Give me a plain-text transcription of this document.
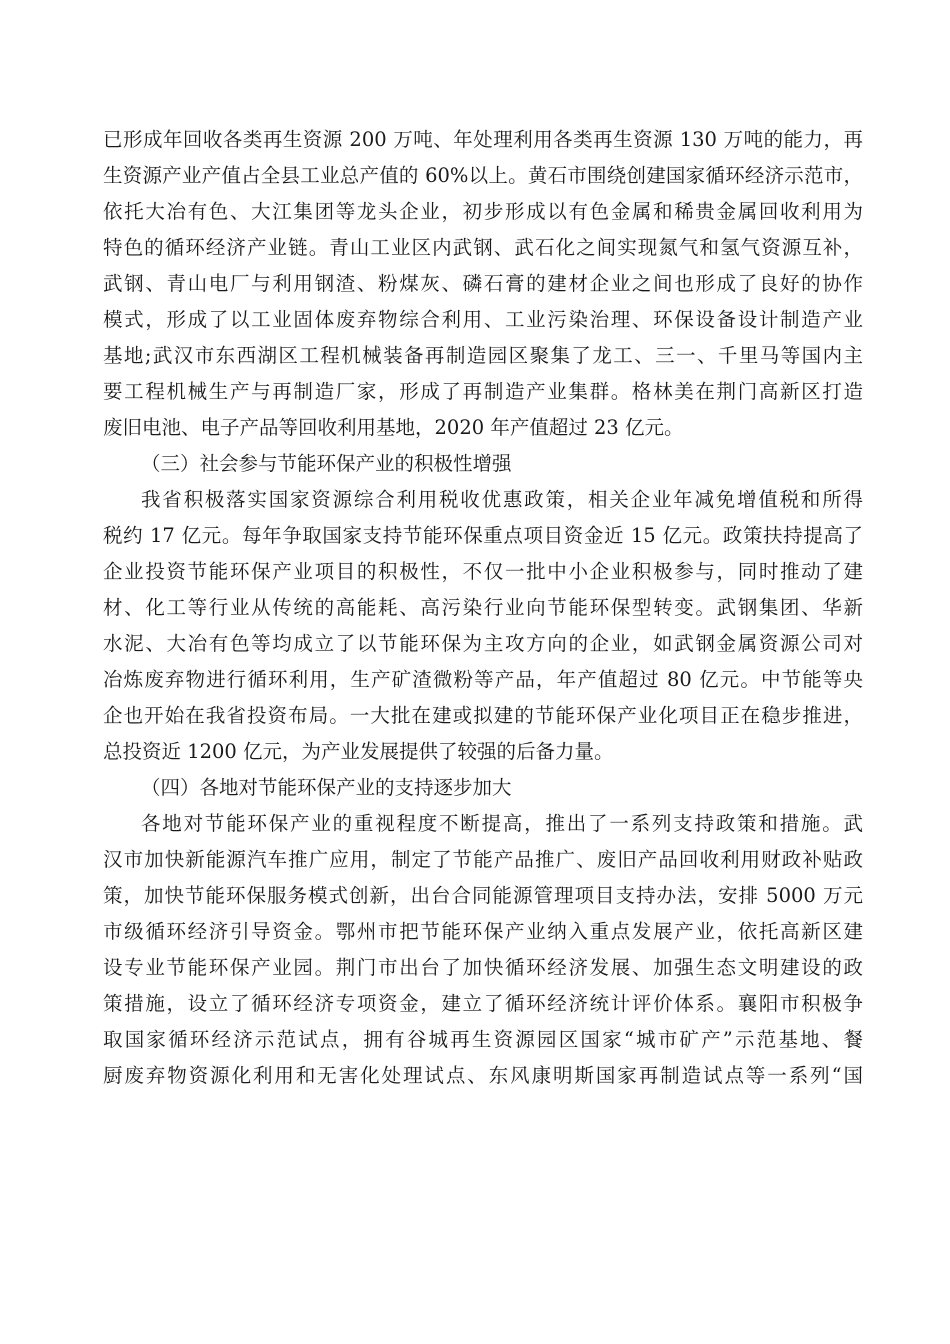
已形成年回收各类再生资源 200 万吨、年处理利用各类再生资源 130 万吨的能力，再
生资源产业产值占全县工业总产值的 60%以上。黄石市围绕创建国家循环经济示范市，
依托大冶有色、大江集团等龙头企业，初步形成以有色金属和稀贵金属回收利用为
特色的循环经济产业链。青山工业区内武钢、武石化之间实现氮气和氢气资源互补，
武钢、青山电厂与利用钢渣、粉煤灰、磷石膏的建材企业之间也形成了良好的协作
模式，形成了以工业固体废弃物综合利用、工业污染治理、环保设备设计制造产业
基地;武汉市东西湖区工程机械装备再制造园区聚集了龙工、三一、千里马等国内主
要工程机械生产与再制造厂家，形成了再制造产业集群。格林美在荆门高新区打造
废旧电池、电子产品等回收利用基地，2020 年产值超过 23 亿元。
（三）社会参与节能环保产业的积极性增强
我省积极落实国家资源综合利用税收优惠政策，相关企业年减免增值税和所得
税约 17 亿元。每年争取国家支持节能环保重点项目资金近 15 亿元。政策扶持提高了
企业投资节能环保产业项目的积极性，不仅一批中小企业积极参与，同时推动了建
材、化工等行业从传统的高能耗、高污染行业向节能环保型转变。武钢集团、华新
水泥、大冶有色等均成立了以节能环保为主攻方向的企业，如武钢金属资源公司对
冶炼废弃物进行循环利用，生产矿渣微粉等产品，年产值超过 80 亿元。中节能等央
企也开始在我省投资布局。一大批在建或拟建的节能环保产业化项目正在稳步推进，
总投资近 1200 亿元，为产业发展提供了较强的后备力量。
（四）各地对节能环保产业的支持逐步加大
各地对节能环保产业的重视程度不断提高，推出了一系列支持政策和措施。武
汉市加快新能源汽车推广应用，制定了节能产品推广、废旧产品回收利用财政补贴政
策，加快节能环保服务模式创新，出台合同能源管理项目支持办法，安排 5000 万元
市级循环经济引导资金。鄂州市把节能环保产业纳入重点发展产业，依托高新区建
设专业节能环保产业园。荆门市出台了加快循环经济发展、加强生态文明建设的政
策措施，设立了循环经济专项资金，建立了循环经济统计评价体系。襄阳市积极争
取国家循环经济示范试点，拥有谷城再生资源园区国家“城市矿产”示范基地、餐
厨废弃物资源化利用和无害化处理试点、东风康明斯国家再制造试点等一系列“国
